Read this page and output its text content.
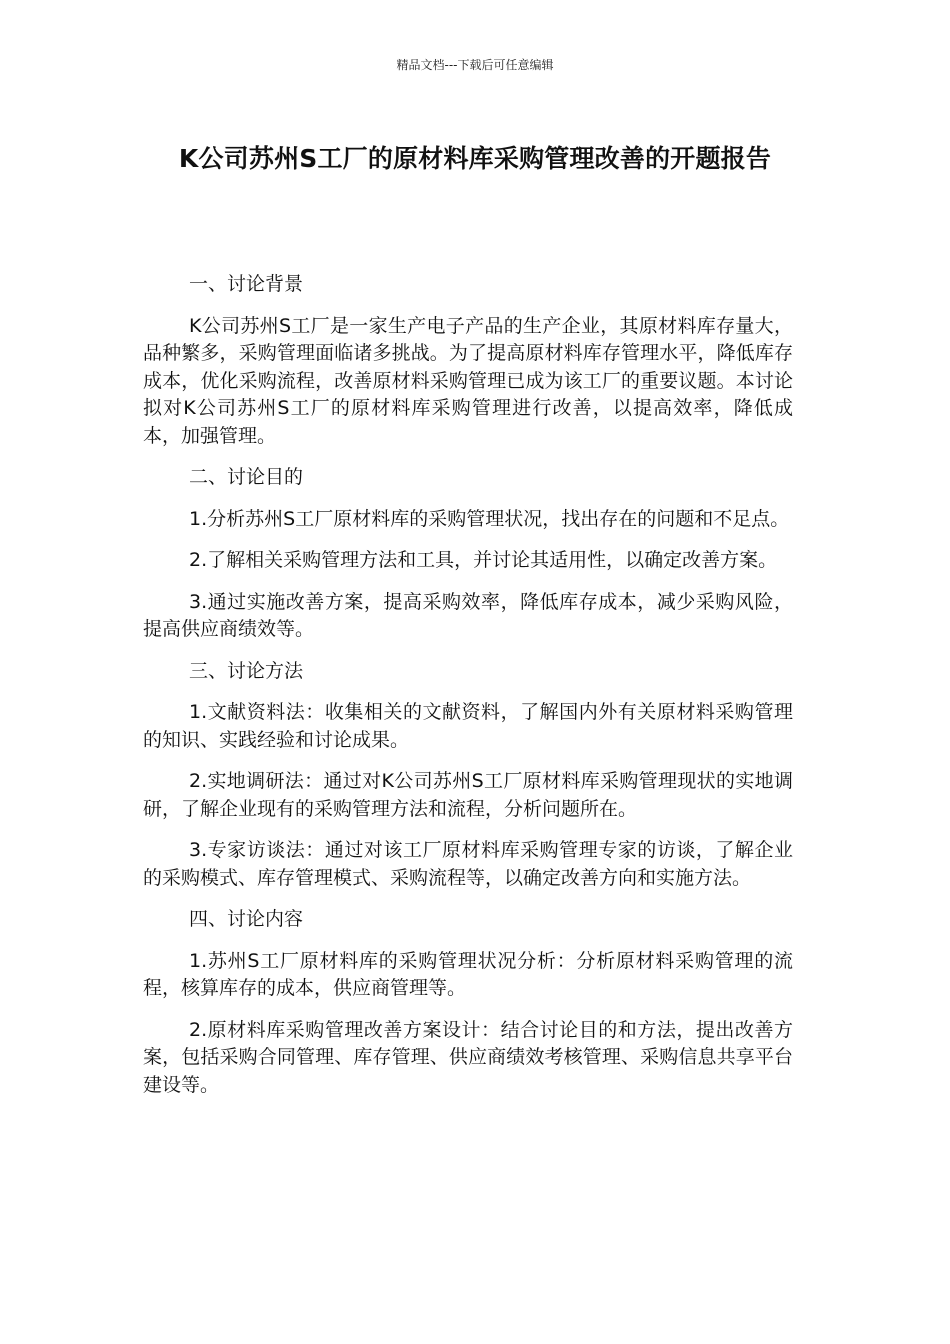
精品文档---下载后可任意编辑
K公司苏州S工厂的原材料库采购管理改善的开题报告

一、讨论背景

K公司苏州S工厂是一家生产电子产品的生产企业，其原材料库存量大，品种繁多，采购管理面临诸多挑战。为了提高原材料库存管理水平，降低库存成本，优化采购流程，改善原材料采购管理已成为该工厂的重要议题。本讨论拟对K公司苏州S工厂的原材料库采购管理进行改善，以提高效率，降低成本，加强管理。

二、讨论目的

1.分析苏州S工厂原材料库的采购管理状况，找出存在的问题和不足点。

2.了解相关采购管理方法和工具，并讨论其适用性，以确定改善方案。

3.通过实施改善方案，提高采购效率，降低库存成本，减少采购风险，提高供应商绩效等。

三、讨论方法

1.文献资料法：收集相关的文献资料，了解国内外有关原材料采购管理的知识、实践经验和讨论成果。

2.实地调研法：通过对K公司苏州S工厂原材料库采购管理现状的实地调研，了解企业现有的采购管理方法和流程，分析问题所在。

3.专家访谈法：通过对该工厂原材料库采购管理专家的访谈，了解企业的采购模式、库存管理模式、采购流程等，以确定改善方向和实施方法。

四、讨论内容

1.苏州S工厂原材料库的采购管理状况分析：分析原材料采购管理的流程，核算库存的成本，供应商管理等。

2.原材料库采购管理改善方案设计：结合讨论目的和方法，提出改善方案，包括采购合同管理、库存管理、供应商绩效考核管理、采购信息共享平台建设等。
